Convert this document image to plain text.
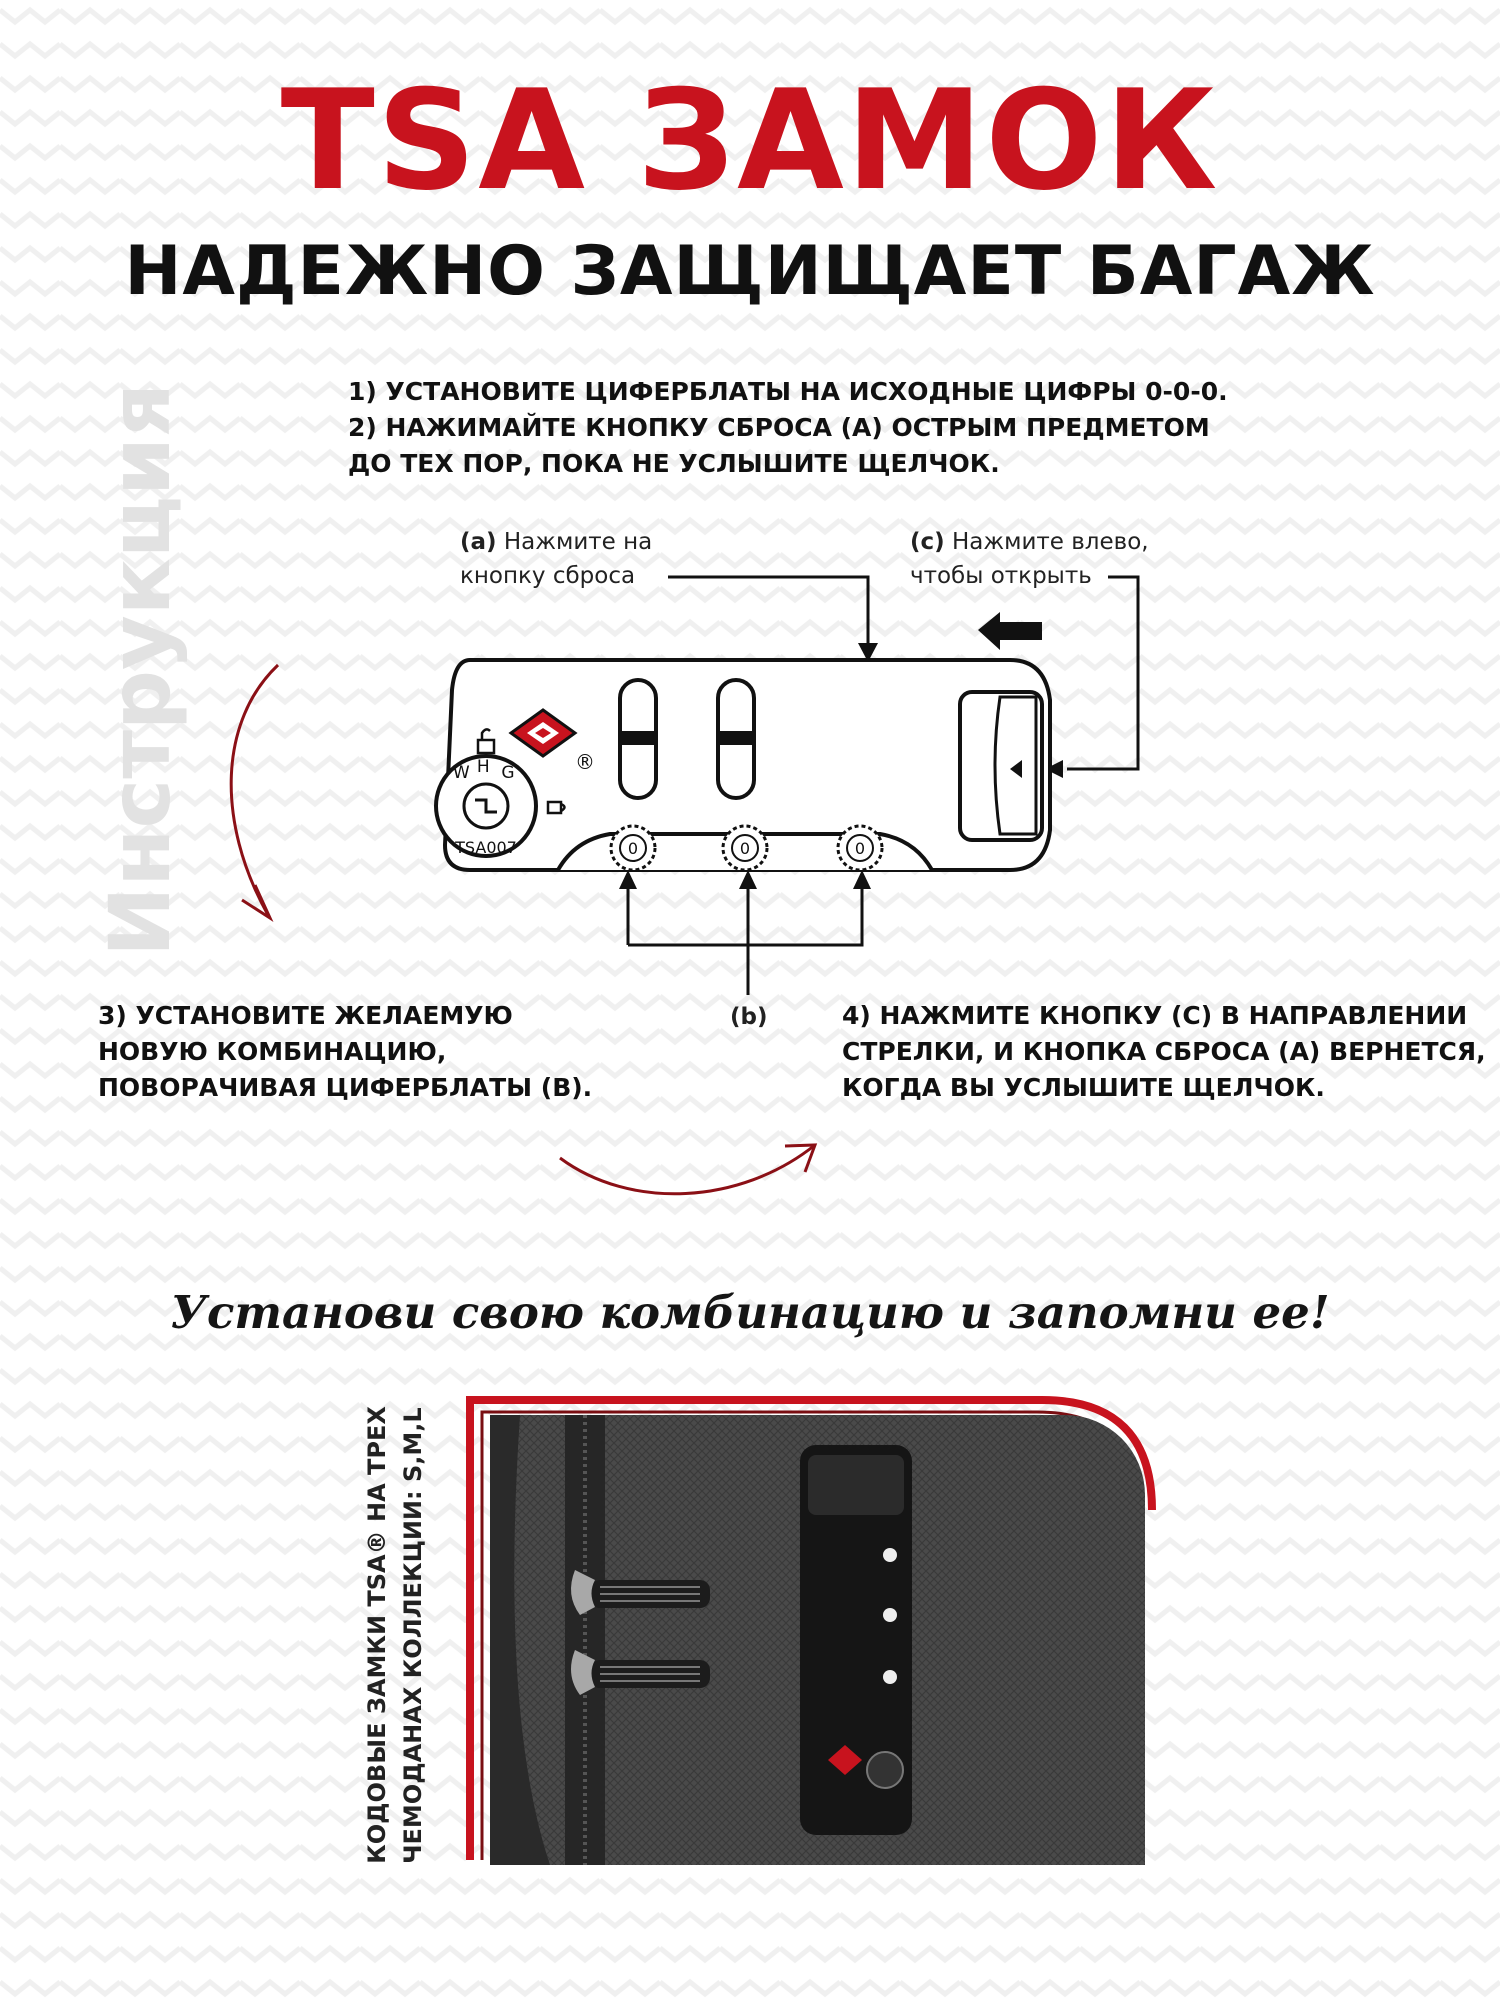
TSA ЗАМОК
НАДЕЖНО ЗАЩИЩАЕТ БАГАЖ
Инструкция	1) УСТАНОВИТЕ ЦИФЕРБЛАТЫ НА ИСХОДНЫЕ ЦИФРЫ 0-0-0.
2) НАЖИМАЙТЕ КНОПКУ СБРОСА (А) ОСТРЫМ ПРЕДМЕТОМ
ДО ТЕХ ПОР, ПОКА НЕ УСЛЫШИТЕ ЩЕЛЧОК.
(a) Нажмите на
кнопку сброса
(c) Нажмите влево,
чтобы открыть
®
W H G
TSA007	0	0	0
(b)
3) УСТАНОВИТЕ ЖЕЛАЕМУЮ
НОВУЮ КОМБИНАЦИЮ,
ПОВОРАЧИВАЯ ЦИФЕРБЛАТЫ (В).
4) НАЖМИТЕ КНОПКУ (С) В НАПРАВЛЕНИИ
СТРЕЛКИ, И КНОПКА СБРОСА (А) ВЕРНЕТСЯ,
КОГДА ВЫ УСЛЫШИТЕ ЩЕЛЧОК.
Установи свою комбинацию и запомни ее!
КОДОВЫЕ ЗАМКИ TSA® НА ТРЕХ ЧЕМОДАНАХ КОЛЛЕКЦИИ: S,M,L
